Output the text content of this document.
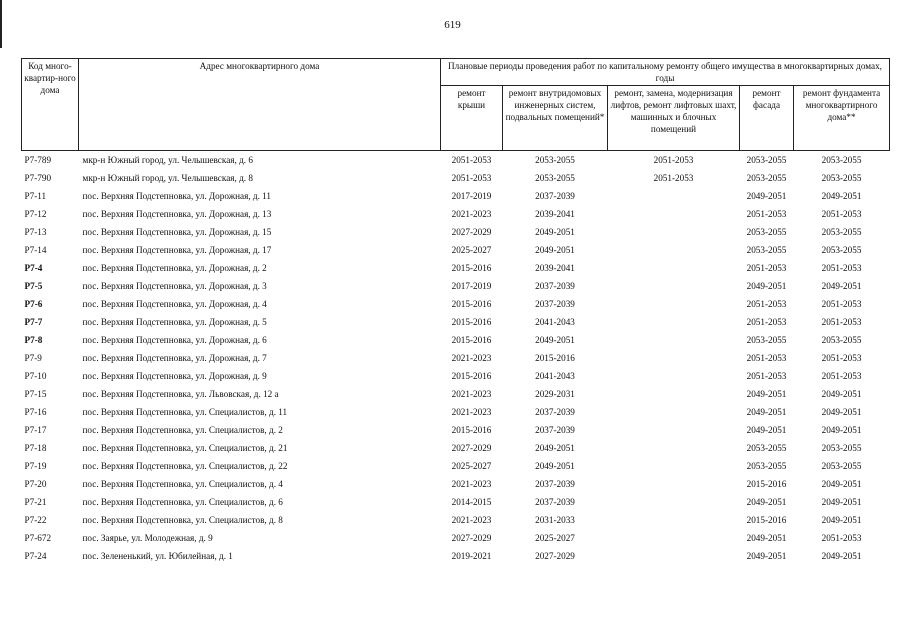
619
Код много-квартир-ного дома	Адрес многоквартирного дома	Плановые периоды проведения работ по капитальному ремонту общего имущества в многоквартирных домах, годы				
		ремонт крыши	ремонт внутридомовых инженерных систем, подвальных помещений*	ремонт, замена, модернизация лифтов, ремонт лифтовых шахт, машинных и блочных помещений	ремонт фасада	ремонт фундамента многоквартирного дома**
P7-789	мкр-н Южный город, ул. Челышевская, д. 6	2051-2053	2053-2055	2051-2053	2053-2055	2053-2055
P7-790	мкр-н Южный город, ул. Челышевская, д. 8	2051-2053	2053-2055	2051-2053	2053-2055	2053-2055
P7-11	пос. Верхняя Подстепновка, ул. Дорожная, д. 11	2017-2019	2037-2039		2049-2051	2049-2051
P7-12	пос. Верхняя Подстепновка, ул. Дорожная, д. 13	2021-2023	2039-2041		2051-2053	2051-2053
P7-13	пос. Верхняя Подстепновка, ул. Дорожная, д. 15	2027-2029	2049-2051		2053-2055	2053-2055
P7-14	пос. Верхняя Подстепновка, ул. Дорожная, д. 17	2025-2027	2049-2051		2053-2055	2053-2055
P7-4	пос. Верхняя Подстепновка, ул. Дорожная, д. 2	2015-2016	2039-2041		2051-2053	2051-2053
P7-5	пос. Верхняя Подстепновка, ул. Дорожная, д. 3	2017-2019	2037-2039		2049-2051	2049-2051
P7-6	пос. Верхняя Подстепновка, ул. Дорожная, д. 4	2015-2016	2037-2039		2051-2053	2051-2053
P7-7	пос. Верхняя Подстепновка, ул. Дорожная, д. 5	2015-2016	2041-2043		2051-2053	2051-2053
P7-8	пос. Верхняя Подстепновка, ул. Дорожная, д. 6	2015-2016	2049-2051		2053-2055	2053-2055
P7-9	пос. Верхняя Подстепновка, ул. Дорожная, д. 7	2021-2023	2015-2016		2051-2053	2051-2053
P7-10	пос. Верхняя Подстепновка, ул. Дорожная, д. 9	2015-2016	2041-2043		2051-2053	2051-2053
P7-15	пос. Верхняя Подстепновка, ул. Львовская, д. 12 а	2021-2023	2029-2031		2049-2051	2049-2051
P7-16	пос. Верхняя Подстепновка, ул. Специалистов, д. 11	2021-2023	2037-2039		2049-2051	2049-2051
P7-17	пос. Верхняя Подстепновка, ул. Специалистов, д. 2	2015-2016	2037-2039		2049-2051	2049-2051
P7-18	пос. Верхняя Подстепновка, ул. Специалистов, д. 21	2027-2029	2049-2051		2053-2055	2053-2055
P7-19	пос. Верхняя Подстепновка, ул. Специалистов, д. 22	2025-2027	2049-2051		2053-2055	2053-2055
P7-20	пос. Верхняя Подстепновка, ул. Специалистов, д. 4	2021-2023	2037-2039		2015-2016	2049-2051
P7-21	пос. Верхняя Подстепновка, ул. Специалистов, д. 6	2014-2015	2037-2039		2049-2051	2049-2051
P7-22	пос. Верхняя Подстепновка, ул. Специалистов, д. 8	2021-2023	2031-2033		2015-2016	2049-2051
P7-672	пос. Заярье, ул. Молодежная, д. 9	2027-2029	2025-2027		2049-2051	2051-2053
P7-24	пос. Зелененький, ул. Юбилейная, д. 1	2019-2021	2027-2029		2049-2051	2049-2051
